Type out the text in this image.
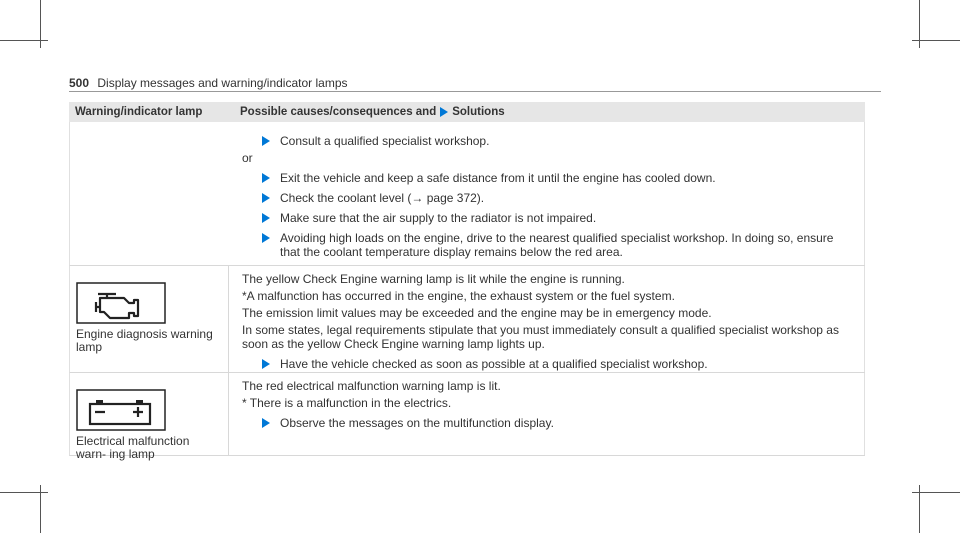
500 Display messages and warning/indicator lamps
Warning/indicator lamp	Possible causes/consequences and Solutions
Consult a qualified specialist workshop.
or
Exit the vehicle and keep a safe distance from it until the engine has cooled down.
Check the coolant level (→ page 372).
Make sure that the air supply to the radiator is not impaired.
Avoiding high loads on the engine, drive to the nearest qualified specialist workshop. In doing so, ensure that the coolant temperature display remains below the red area.
Engine diagnosis warning lamp
The yellow Check Engine warning lamp is lit while the engine is running.
*A malfunction has occurred in the engine, the exhaust system or the fuel system.
The emission limit values may be exceeded and the engine may be in emergency mode.
In some states, legal requirements stipulate that you must immediately consult a qualified specialist workshop as soon as the yellow Check Engine warning lamp lights up.
Have the vehicle checked as soon as possible at a qualified specialist workshop.
Electrical malfunction warn- ing lamp
The red electrical malfunction warning lamp is lit.
* There is a malfunction in the electrics.
Observe the messages on the multifunction display.
